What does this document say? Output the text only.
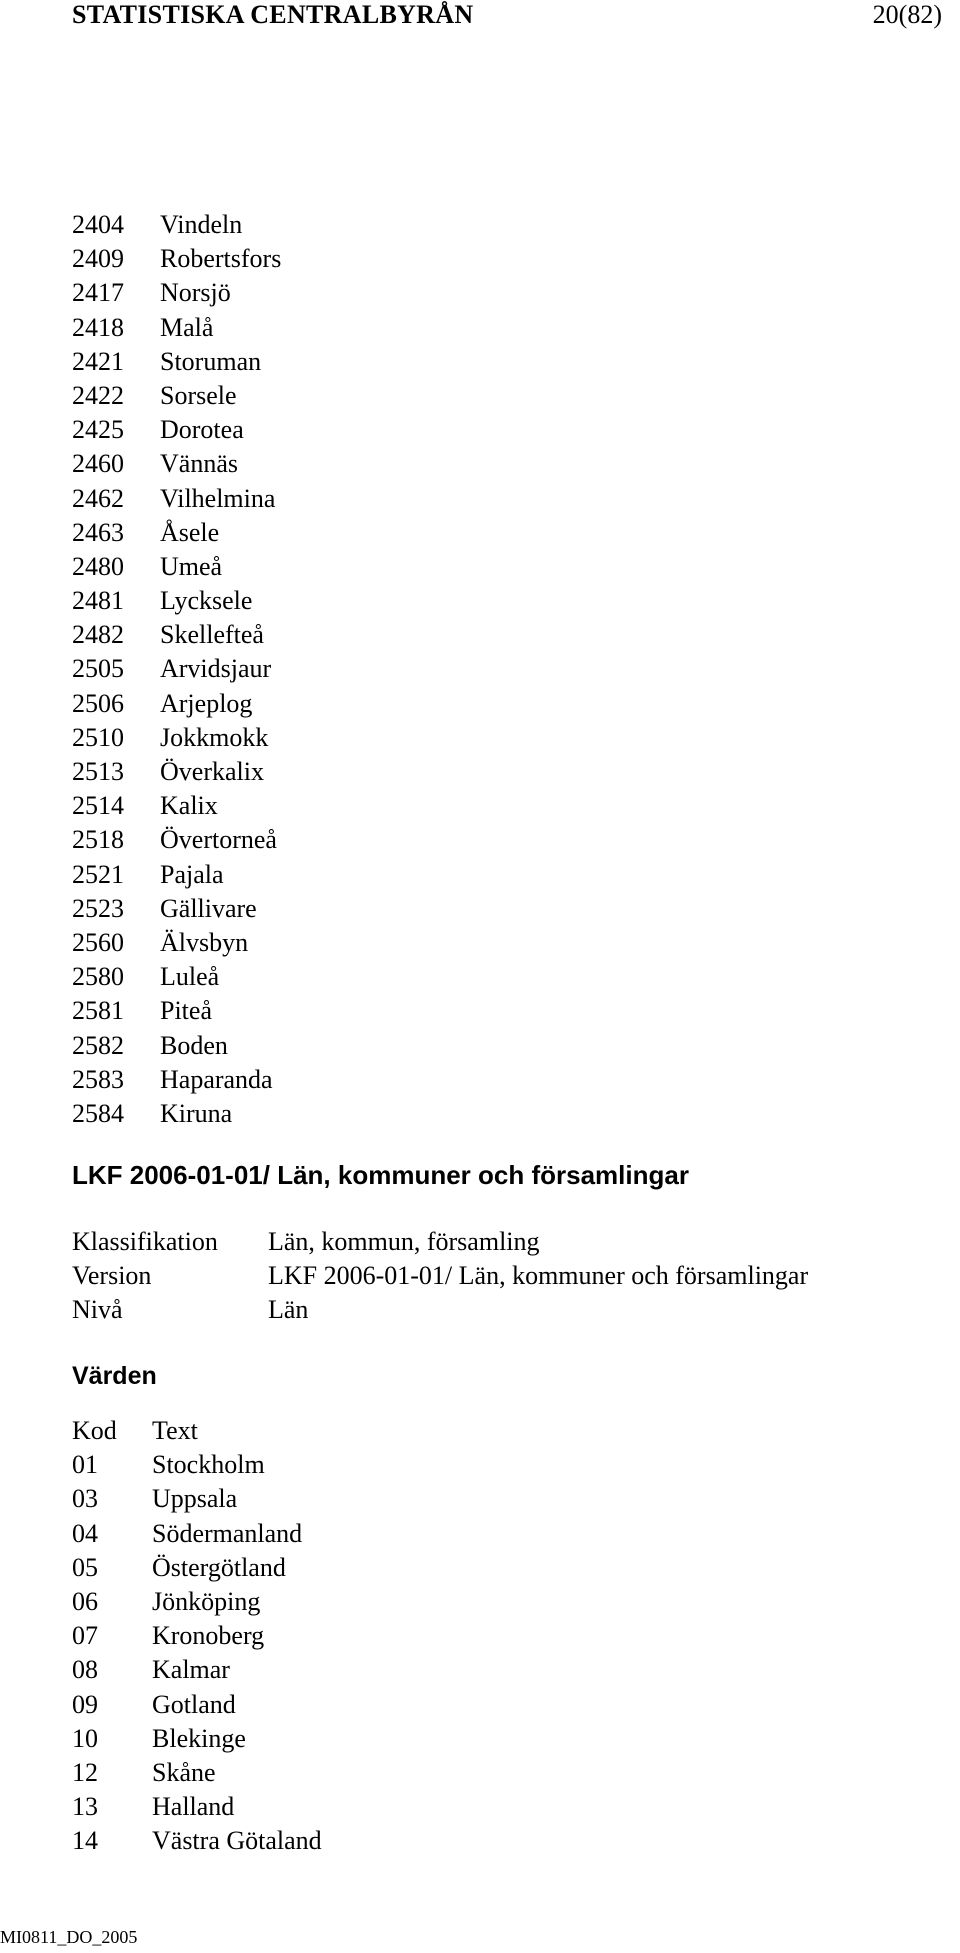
STATISTISKA CENTRALBYRÅN	20(82)
2404 Vindeln
2409 Robertsfors
2417 Norsjö
2418 Malå
2421 Storuman
2422 Sorsele
2425 Dorotea
2460 Vännäs
2462 Vilhelmina
2463 Åsele
2480 Umeå
2481 Lycksele
2482 Skellefteå
2505 Arvidsjaur
2506 Arjeplog
2510 Jokkmokk
2513 Överkalix
2514 Kalix
2518 Övertorneå
2521 Pajala
2523 Gällivare
2560 Älvsbyn
2580 Luleå
2581 Piteå
2582 Boden
2583 Haparanda
2584 Kiruna
LKF 2006-01-01/ Län, kommuner och församlingar
Klassifikation Län, kommun, församling
Version	LKF 2006-01-01/ Län, kommuner och församlingar
Nivå	Län
Värden
Kod Text
01 Stockholm
03 Uppsala
04 Södermanland
05 Östergötland
06 Jönköping
07 Kronoberg
08 Kalmar
09 Gotland
10 Blekinge
12 Skåne
13 Halland
14 Västra Götaland
MI0811_DO_2005
